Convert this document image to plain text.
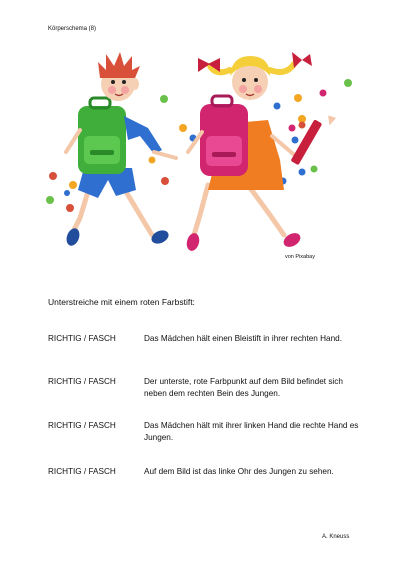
Körperschema (8)
von Pixabay
Unterstreiche mit einem roten Farbstift:
RICHTIG / FASCH	Das Mädchen hält einen Bleistift in ihrer rechten Hand.
RICHTIG / FASCH	Der unterste, rote Farbpunkt auf dem Bild befindet sich neben dem rechten Bein des Jungen.
RICHTIG / FASCH	Das Mädchen hält mit ihrer linken Hand die rechte Hand es Jungen.
RICHTIG / FASCH	Auf dem Bild ist das linke Ohr des Jungen zu sehen.
A. Kneuss
